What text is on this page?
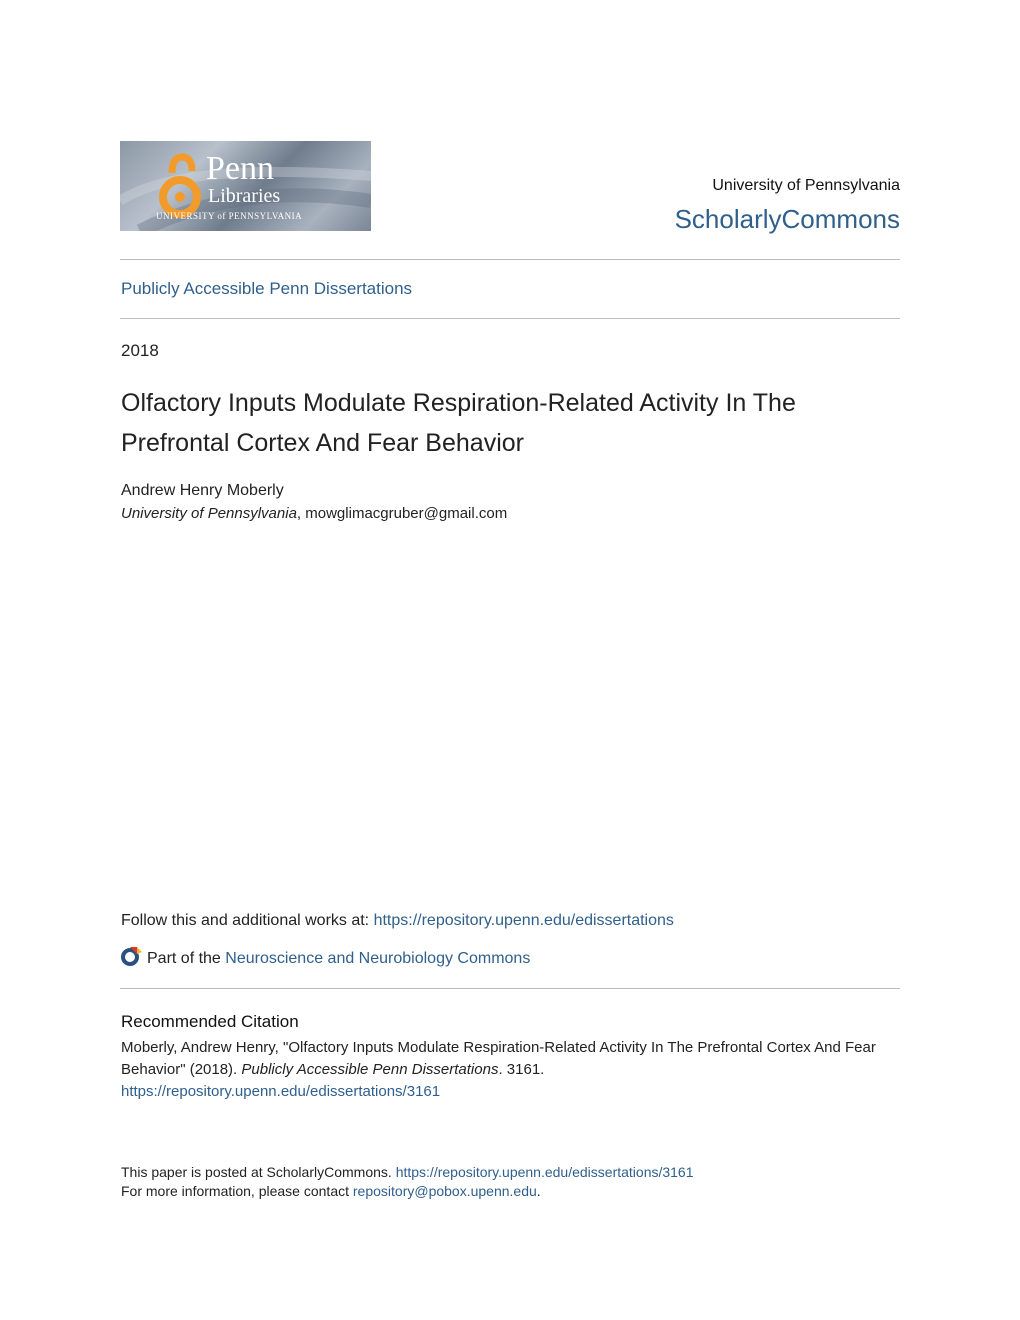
Penn
Libraries
UNIVERSITY of PENNSYLVANIA
University of Pennsylvania
ScholarlyCommons
Publicly Accessible Penn Dissertations
2018
Olfactory Inputs Modulate Respiration-Related Activity In The Prefrontal Cortex And Fear Behavior
Andrew Henry Moberly
University of Pennsylvania, mowglimacgruber@gmail.com
Follow this and additional works at: https://repository.upenn.edu/edissertations
Part of the Neuroscience and Neurobiology Commons
Recommended Citation
Moberly, Andrew Henry, "Olfactory Inputs Modulate Respiration-Related Activity In The Prefrontal Cortex And Fear Behavior" (2018). Publicly Accessible Penn Dissertations. 3161.
https://repository.upenn.edu/edissertations/3161
This paper is posted at ScholarlyCommons. https://repository.upenn.edu/edissertations/3161
For more information, please contact repository@pobox.upenn.edu.
